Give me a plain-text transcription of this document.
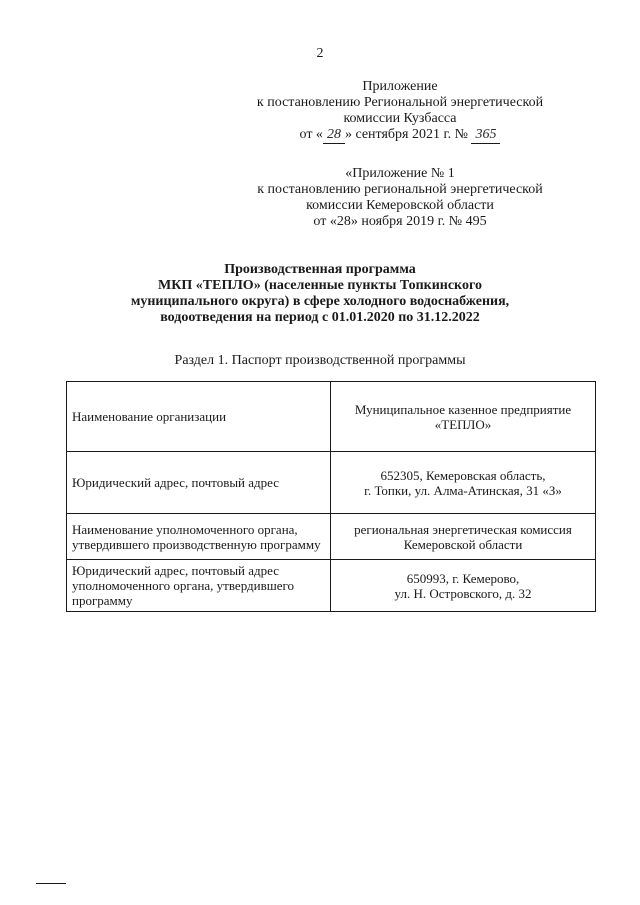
2
Приложение
к постановлению Региональной энергетической
комиссии Кузбасса
от « 28 » сентября 2021 г. № 365
«Приложение № 1
к постановлению региональной энергетической
комиссии Кемеровской области
от «28» ноября 2019 г. № 495
Производственная программа
МКП «ТЕПЛО» (населенные пункты Топкинского
муниципального округа) в сфере холодного водоснабжения,
водоотведения на период с 01.01.2020 по 31.12.2022
Раздел 1. Паспорт производственной программы
Наименование организации	Муниципальное казенное предприятие
«ТЕПЛО»

Юридический адрес, почтовый адрес	652305, Кемеровская область,
г. Топки, ул. Алма-Атинская, 31 «З»

Наименование уполномоченного органа, утвердившего производственную программу	региональная энергетическая комиссия
Кемеровской области

Юридический адрес, почтовый адрес уполномоченного органа, утвердившего программу	650993, г. Кемерово,
ул. Н. Островского, д. 32
